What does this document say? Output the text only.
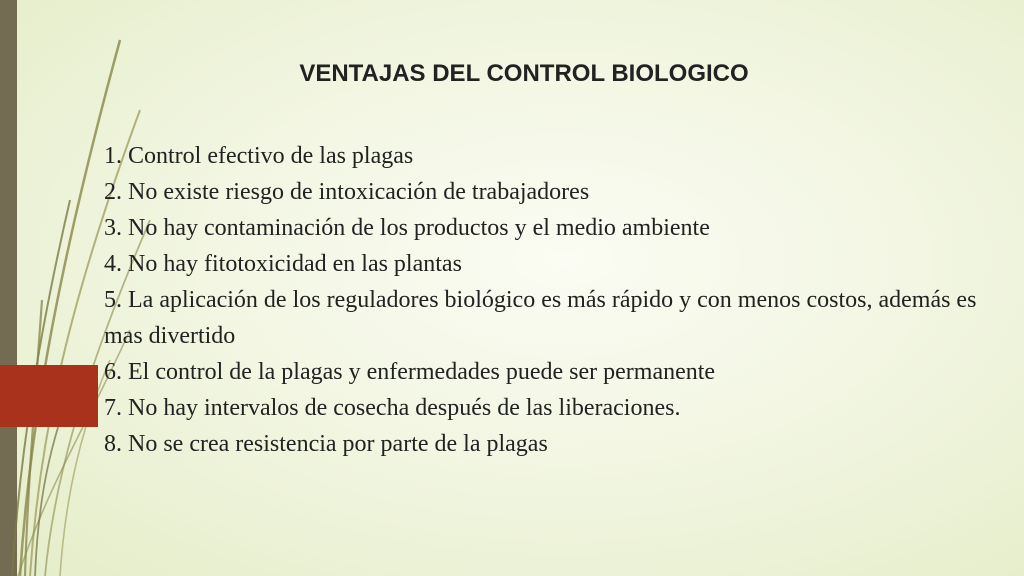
VENTAJAS DEL CONTROL BIOLOGICO
1. Control efectivo de las plagas
2. No existe riesgo de intoxicación de trabajadores
3. No hay contaminación de los productos y el medio ambiente
4. No hay fitotoxicidad en las plantas
5. La aplicación de los reguladores biológico es más rápido y con menos costos, además es mas divertido
6. El control de la plagas y enfermedades puede ser permanente
7. No hay intervalos de cosecha después de las liberaciones.
8. No se crea resistencia por parte de la plagas
